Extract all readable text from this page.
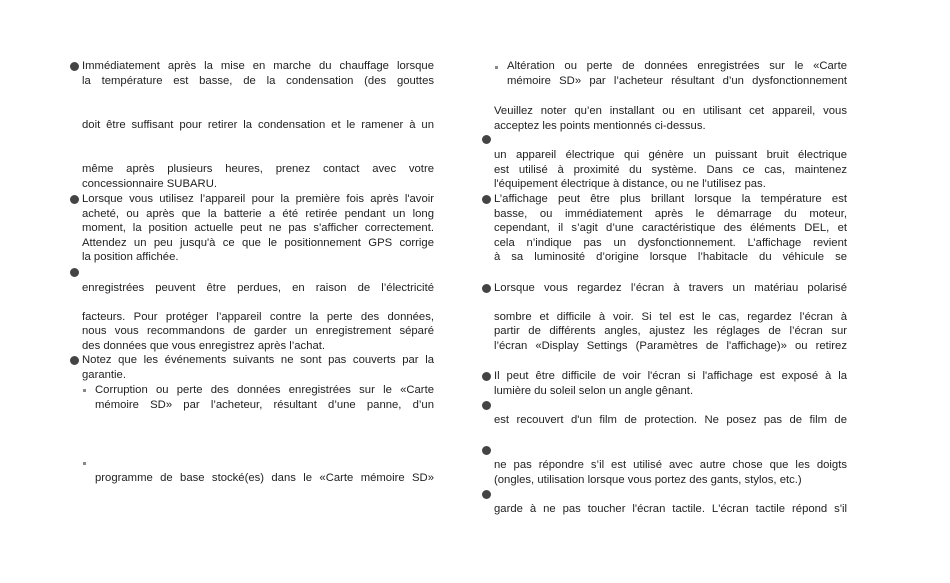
Immédiatement après la mise en marche du chauffage lorsque
la température est basse, de la condensation (des gouttes
doit être suffisant pour retirer la condensation et le ramener à un
même après plusieurs heures, prenez contact avec votre
concessionnaire SUBARU.
Lorsque vous utilisez l’appareil pour la première fois après l'avoir
acheté, ou après que la batterie a été retirée pendant un long
moment, la position actuelle peut ne pas s'afficher correctement.
Attendez un peu jusqu'à ce que le positionnement GPS corrige
la position affichée.
enregistrées peuvent être perdues, en raison de l’électricité
facteurs. Pour protéger l’appareil contre la perte des données,
nous vous recommandons de garder un enregistrement séparé
des données que vous enregistrez après l’achat.
Notez que les événements suivants ne sont pas couverts par la
garantie.
Corruption ou perte des données enregistrées sur le «Carte
mémoire SD» par l’acheteur, résultant d’une panne, d’un
programme de base stocké(es) dans le «Carte mémoire SD»
Altération ou perte de données enregistrées sur le «Carte
mémoire SD» par l’acheteur résultant d’un dysfonctionnement
Veuillez noter qu’en installant ou en utilisant cet appareil, vous
acceptez les points mentionnés ci-dessus.
un appareil électrique qui génère un puissant bruit électrique
est utilisé à proximité du système. Dans ce cas, maintenez
l'équipement électrique à distance, ou ne l'utilisez pas.
L’affichage peut être plus brillant lorsque la température est
basse, ou immédiatement après le démarrage du moteur,
cependant, il s’agit d’une caractéristique des éléments DEL, et
cela n’indique pas un dysfonctionnement. L’affichage revient
à sa luminosité d’origine lorsque l’habitacle du véhicule se
Lorsque vous regardez l’écran à travers un matériau polarisé
sombre et difficile à voir. Si tel est le cas, regardez l’écran à
partir de différents angles, ajustez les réglages de l’écran sur
l’écran «Display Settings (Paramètres de l'affichage)» ou retirez
Il peut être difficile de voir l'écran si l'affichage est exposé à la
lumière du soleil selon un angle gênant.
est recouvert d'un film de protection. Ne posez pas de film de
ne pas répondre s’il est utilisé avec autre chose que les doigts
(ongles, utilisation lorsque vous portez des gants, stylos, etc.)
garde à ne pas toucher l'écran tactile. L'écran tactile répond s'il
